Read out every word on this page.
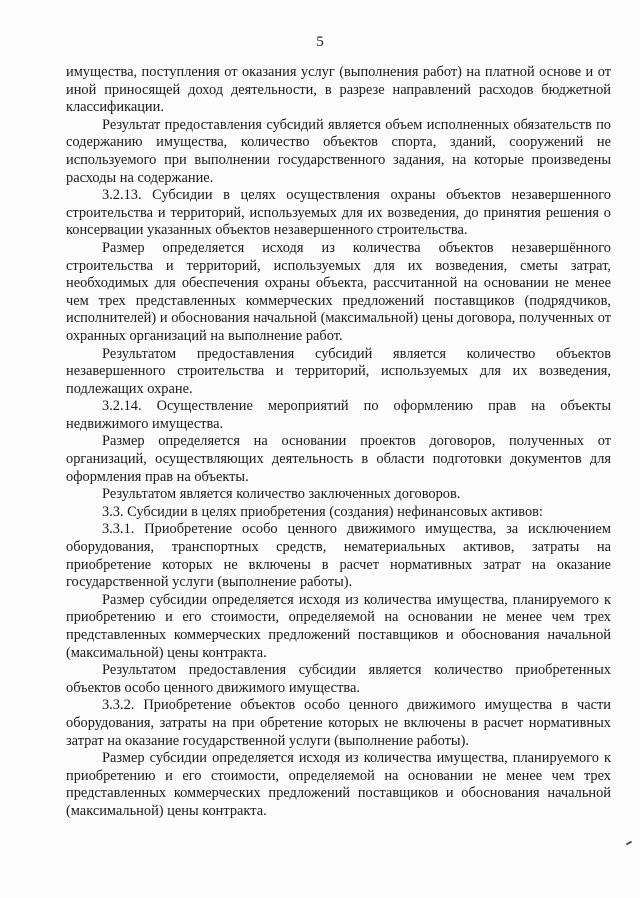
5

имущества, поступления от оказания услуг (выполнения работ) на платной основе и от иной приносящей доход деятельности, в разрезе направлений расходов бюджетной классификации.

Результат предоставления субсидий является объем исполненных обязательств по содержанию имущества, количество объектов спорта, зданий, сооружений не используемого при выполнении государственного задания, на которые произведены расходы на содержание.

3.2.13. Субсидии в целях осуществления охраны объектов незавершенного строительства и территорий, используемых для их возведения, до принятия решения о консервации указанных объектов незавершенного строительства.

Размер определяется исходя из количества объектов незавершённого строительства и территорий, используемых для их возведения, сметы затрат, необходимых для обеспечения охраны объекта, рассчитанной на основании не менее чем трех представленных коммерческих предложений поставщиков (подрядчиков, исполнителей) и обоснования начальной (максимальной) цены договора, полученных от охранных организаций на выполнение работ.

Результатом предоставления субсидий является количество объектов незавершенного строительства и территорий, используемых для их возведения, подлежащих охране.

3.2.14. Осуществление мероприятий по оформлению прав на объекты недвижимого имущества.

Размер определяется на основании проектов договоров, полученных от организаций, осуществляющих деятельность в области подготовки документов для оформления прав на объекты.

Результатом является количество заключенных договоров.

3.3. Субсидии в целях приобретения (создания) нефинансовых активов:

3.3.1. Приобретение особо ценного движимого имущества, за исключением оборудования, транспортных средств, нематериальных активов, затраты на приобретение которых не включены в расчет нормативных затрат на оказание государственной услуги (выполнение работы).

Размер субсидии определяется исходя из количества имущества, планируемого к приобретению и его стоимости, определяемой на основании не менее чем трех представленных коммерческих предложений поставщиков и обоснования начальной (максимальной) цены контракта.

Результатом предоставления субсидии является количество приобретенных объектов особо ценного движимого имущества.

3.3.2. Приобретение объектов особо ценного движимого имущества в части оборудования, затраты на при обретение которых не включены в расчет нормативных затрат на оказание государственной услуги (выполнение работы).

Размер субсидии определяется исходя из количества имущества, планируемого к приобретению и его стоимости, определяемой на основании не менее чем трех представленных коммерческих предложений поставщиков и обоснования начальной (максимальной) цены контракта.
